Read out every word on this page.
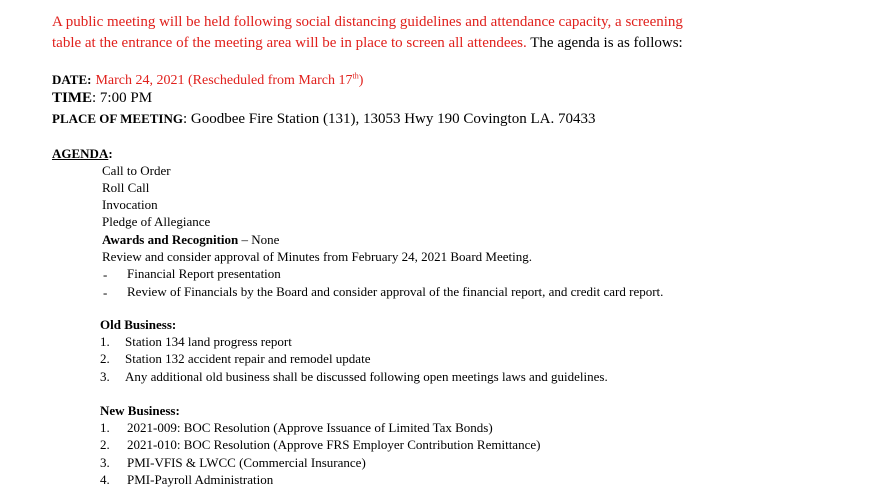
A public meeting will be held following social distancing guidelines and attendance capacity, a screening
table at the entrance of the meeting area will be in place to screen all attendees. The agenda is as follows:
DATE: March 24, 2021 (Rescheduled from March 17th)
TIME: 7:00 PM
PLACE OF MEETING: Goodbee Fire Station (131), 13053 Hwy 190 Covington LA. 70433
AGENDA:
Call to Order
Roll Call
Invocation
Pledge of Allegiance
Awards and Recognition – None
Review and consider approval of Minutes from February 24, 2021 Board Meeting.
- Financial Report presentation
- Review of Financials by the Board and consider approval of the financial report, and credit card report.
Old Business:
1. Station 134 land progress report
2. Station 132 accident repair and remodel update
3. Any additional old business shall be discussed following open meetings laws and guidelines.
New Business:
1. 2021-009: BOC Resolution (Approve Issuance of Limited Tax Bonds)
2. 2021-010: BOC Resolution (Approve FRS Employer Contribution Remittance)
3. PMI-VFIS & LWCC (Commercial Insurance)
4. PMI-Payroll Administration
